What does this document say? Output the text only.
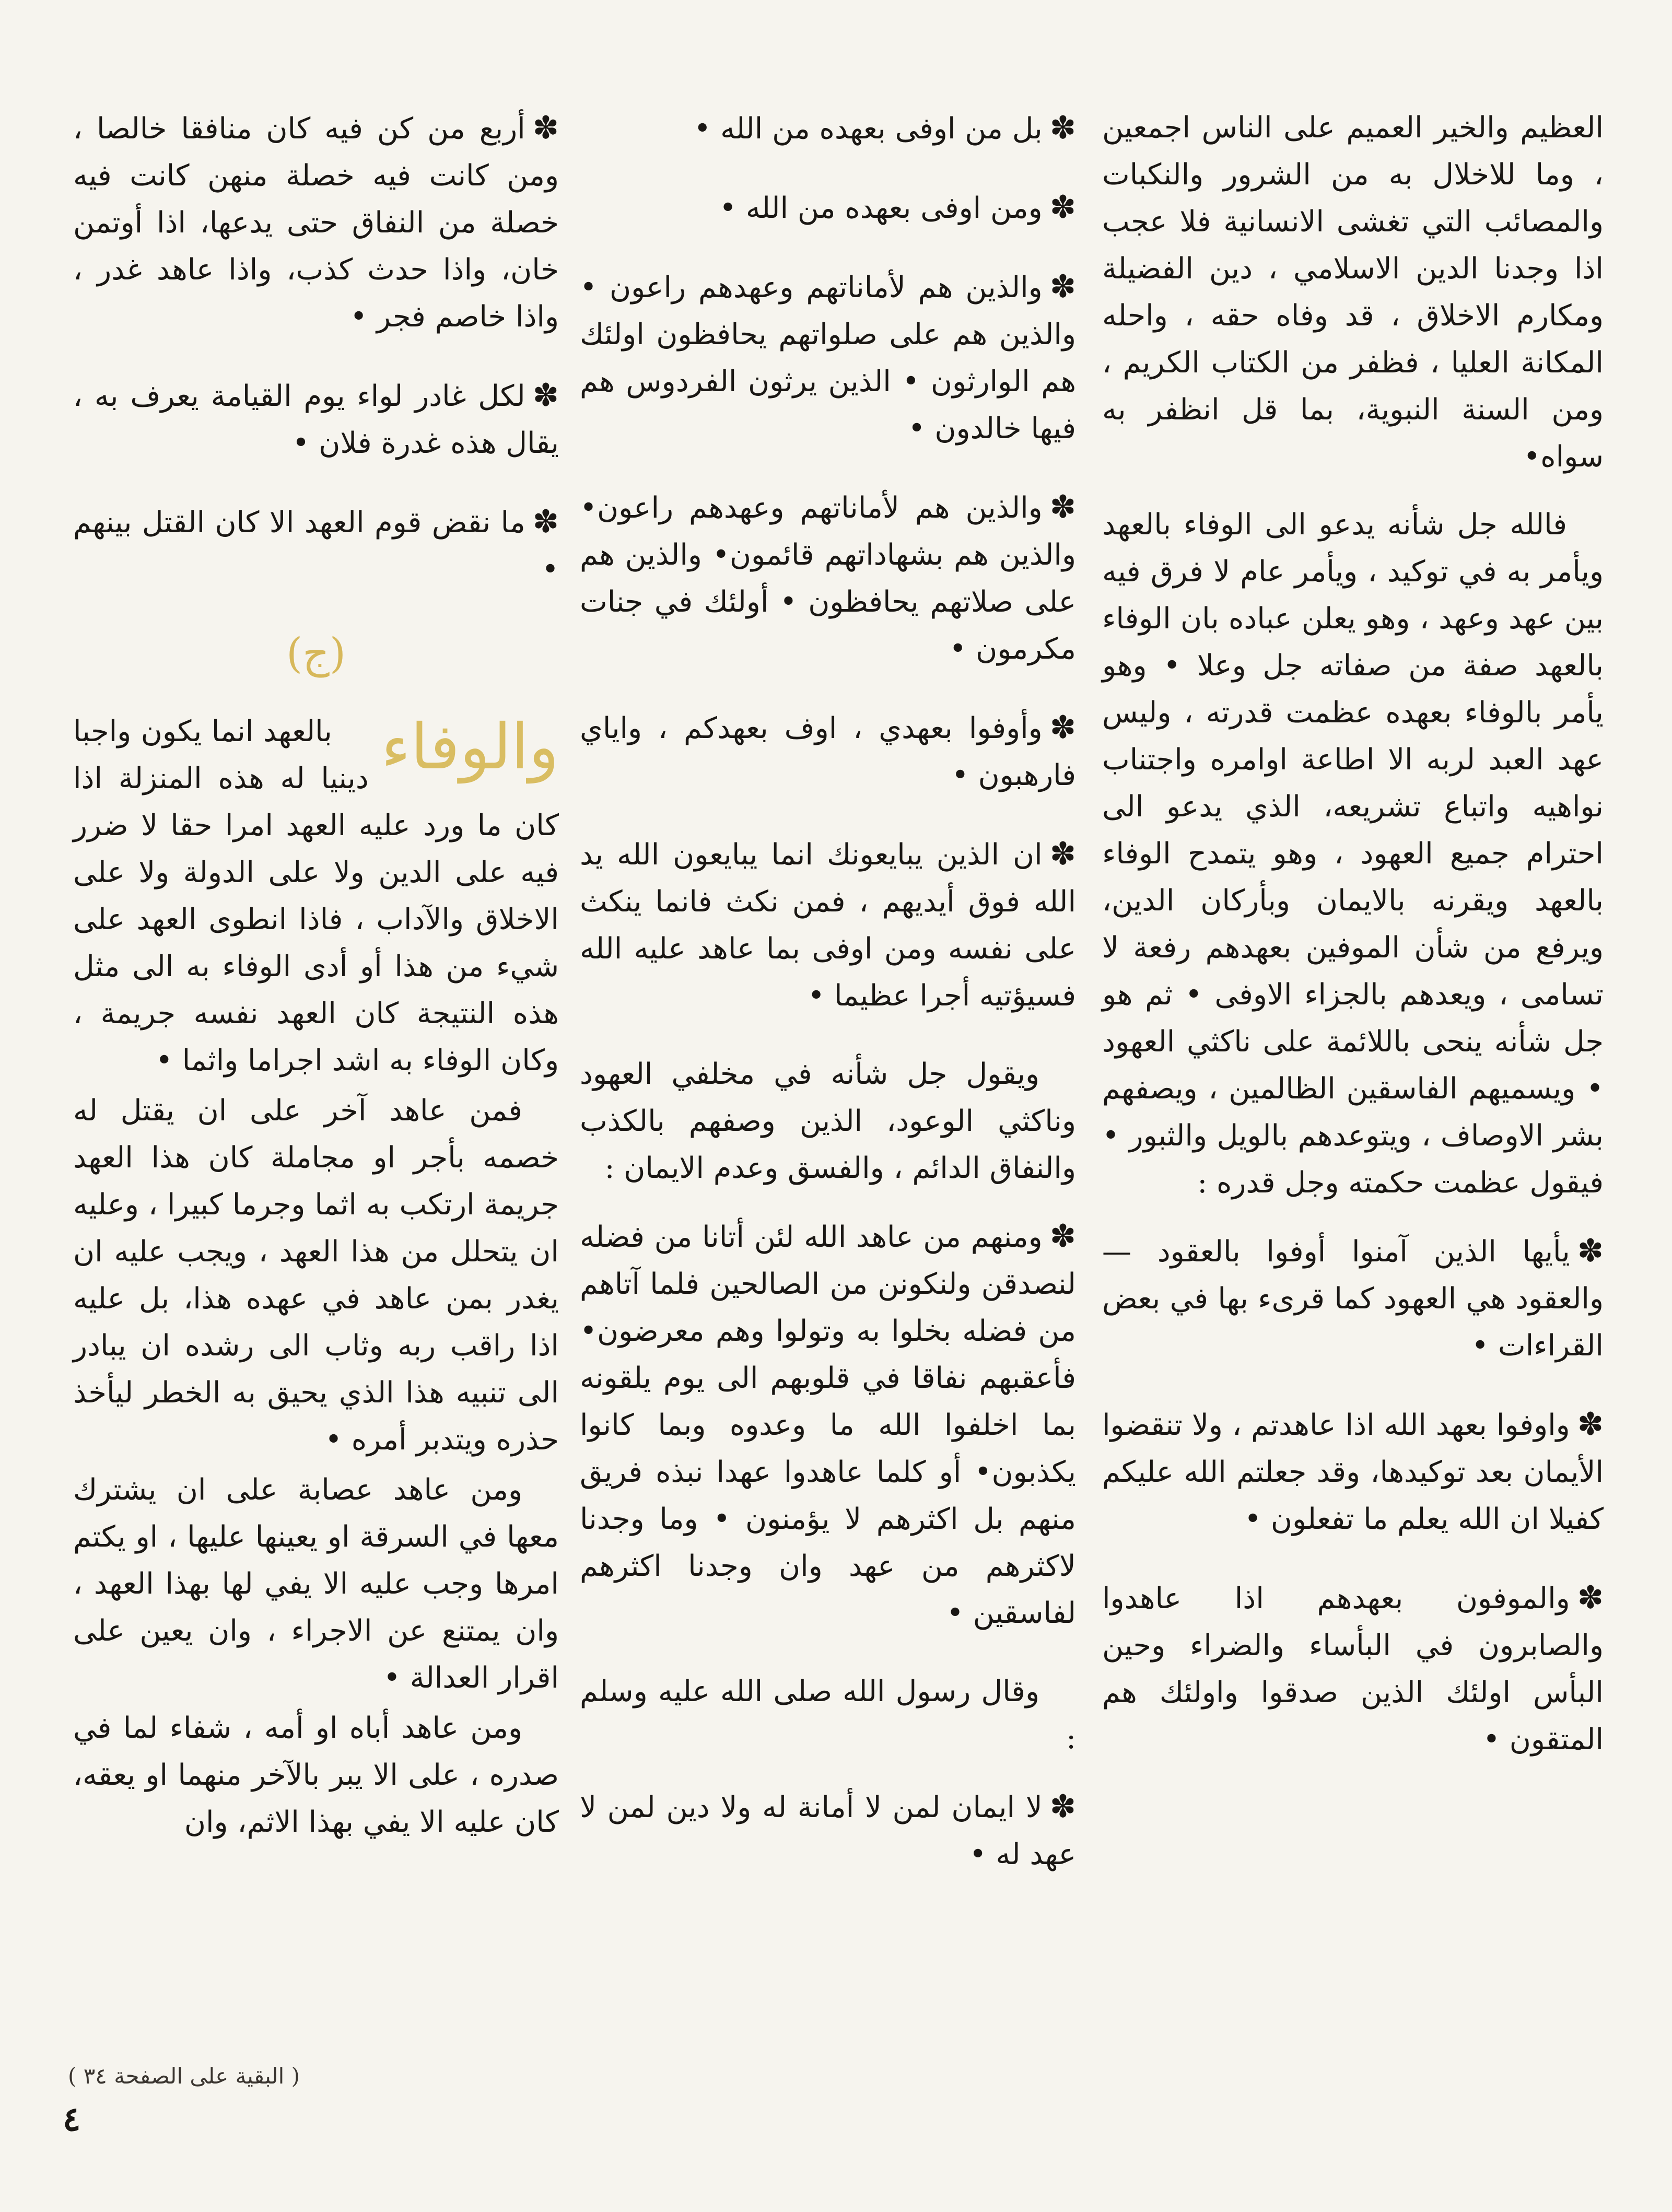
العظيم والخير العميم على الناس اجمعين ، وما للاخلال به من الشرور والنكبات والمصائب التي تغشى الانسانية فلا عجب اذا وجدنا الدين الاسلامي ، دين الفضيلة ومكارم الاخلاق ، قد وفاه حقه ، واحله المكانة العليا ، فظفر من الكتاب الكريم ، ومن السنة النبوية، بما قل انظفر به سواه•
فالله جل شأنه يدعو الى الوفاء بالعهد ويأمر به في توكيد ، ويأمر عام لا فرق فيه بين عهد وعهد ، وهو يعلن عباده بان الوفاء بالعهد صفة من صفاته جل وعلا • وهو يأمر بالوفاء بعهده عظمت قدرته ، وليس عهد العبد لربه الا اطاعة اوامره واجتناب نواهيه واتباع تشريعه، الذي يدعو الى احترام جميع العهود ، وهو يتمدح الوفاء بالعهد ويقرنه بالايمان وبأركان الدين، ويرفع من شأن الموفين بعهدهم رفعة لا تسامى ، ويعدهم بالجزاء الاوفى • ثم هو جل شأنه ينحى باللائمة على ناكثي العهود • ويسميهم الفاسقين الظالمين ، ويصفهم بشر الاوصاف ، ويتوعدهم بالويل والثبور • فيقول عظمت حكمته وجل قدره :
✽يأيها الذين آمنوا أوفوا بالعقود — والعقود هي العهود كما قرىء بها في بعض القراءات •
✽واوفوا بعهد الله اذا عاهدتم ، ولا تنقضوا الأيمان بعد توكيدها، وقد جعلتم الله عليكم كفيلا ان الله يعلم ما تفعلون •
✽والموفون بعهدهم اذا عاهدوا والصابرون في البأساء والضراء وحين البأس اولئك الذين صدقوا واولئك هم المتقون •
✽بل من اوفى بعهده من الله •
✽ومن اوفى بعهده من الله •
✽والذين هم لأماناتهم وعهدهم راعون • والذين هم على صلواتهم يحافظون اولئك هم الوارثون • الذين يرثون الفردوس هم فيها خالدون •
✽والذين هم لأماناتهم وعهدهم راعون• والذين هم بشهاداتهم قائمون• والذين هم على صلاتهم يحافظون • أولئك في جنات مكرمون •
✽وأوفوا بعهدي ، اوف بعهدكم ، واياي فارهبون •
✽ان الذين يبايعونك انما يبايعون الله يد الله فوق أيديهم ، فمن نكث فانما ينكث على نفسه ومن اوفى بما عاهد عليه الله فسيؤتيه أجرا عظيما •
ويقول جل شأنه في مخلفي العهود وناكثي الوعود، الذين وصفهم بالكذب والنفاق الدائم ، والفسق وعدم الايمان :
✽ومنهم من عاهد الله لئن أتانا من فضله لنصدقن ولنكونن من الصالحين فلما آتاهم من فضله بخلوا به وتولوا وهم معرضون• فأعقبهم نفاقا في قلوبهم الى يوم يلقونه بما اخلفوا الله ما وعدوه وبما كانوا يكذبون• أو كلما عاهدوا عهدا نبذه فريق منهم بل اكثرهم لا يؤمنون • وما وجدنا لاكثرهم من عهد وان وجدنا اكثرهم لفاسقين •
وقال رسول الله صلى الله عليه وسلم :
✽لا ايمان لمن لا أمانة له ولا دين لمن لا عهد له •
✽أربع من كن فيه كان منافقا خالصا ، ومن كانت فيه خصلة منهن كانت فيه خصلة من النفاق حتى يدعها، اذا أوتمن خان، واذا حدث كذب، واذا عاهد غدر ، واذا خاصم فجر •
✽لكل غادر لواء يوم القيامة يعرف به ، يقال هذه غدرة فلان •
✽ما نقض قوم العهد الا كان القتل بينهم •
(ج)
والوفاء
بالعهد انما يكون واجبا دينيا له هذه المنزلة اذا كان ما ورد عليه العهد امرا حقا لا ضرر فيه على الدين ولا على الدولة ولا على الاخلاق والآداب ، فاذا انطوى العهد على شيء من هذا أو أدى الوفاء به الى مثل هذه النتيجة كان العهد نفسه جريمة ، وكان الوفاء به اشد اجراما واثما •
فمن عاهد آخر على ان يقتل له خصمه بأجر او مجاملة كان هذا العهد جريمة ارتكب به اثما وجرما كبيرا ، وعليه ان يتحلل من هذا العهد ، ويجب عليه ان يغدر بمن عاهد في عهده هذا، بل عليه اذا راقب ربه وثاب الى رشده ان يبادر الى تنبيه هذا الذي يحيق به الخطر ليأخذ حذره ويتدبر أمره •
ومن عاهد عصابة على ان يشترك معها في السرقة او يعينها عليها ، او يكتم امرها وجب عليه الا يفي لها بهذا العهد ، وان يمتنع عن الاجراء ، وان يعين على اقرار العدالة •
ومن عاهد أباه او أمه ، شفاء لما في صدره ، على الا يبر بالآخر منهما او يعقه، كان عليه الا يفي بهذا الاثم، وان
( البقية على الصفحة ٣٤ )
٤
